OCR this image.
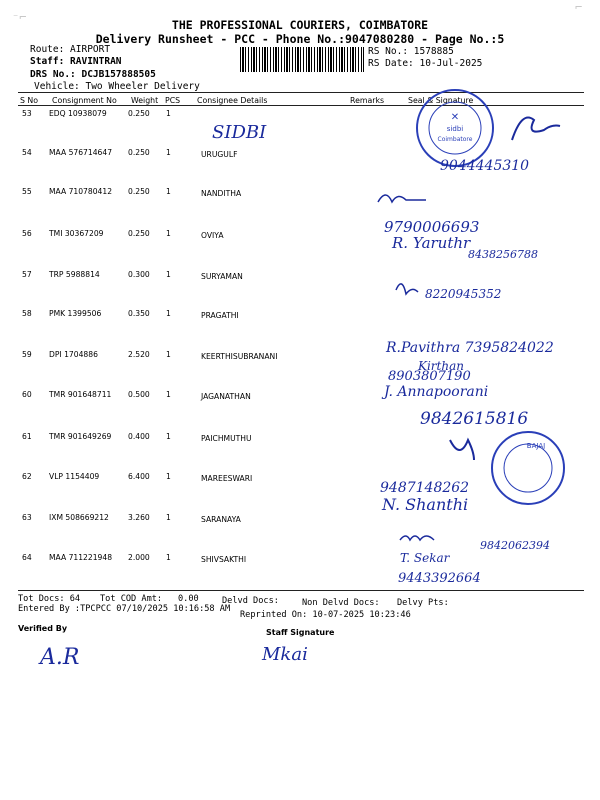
⁻⌐
⌐
THE PROFESSIONAL COURIERS, COIMBATORE
Delivery Runsheet - PCC - Phone No.:9047080280 - Page No.:5
Route: AIRPORT
Staff: RAVINTRAN
DRS No.: DCJB157888505
Vehicle: Two Wheeler Delivery
RS No.: 1578885
RS Date: 10-Jul-2025
S No Consignment No Weight PCS Consignee Details	Remarks	Seal & Signature
53 EDQ 10938079	0.250 1
54 MAA 576714647 0.250 1	URUGULF
55 MAA 710780412 0.250 1	NANDITHA
56 TMI 30367209	0.250 1	OVIYA
57 TRP 5988814	0.300 1	SURYAMAN
58 PMK 1399506	0.350 1	PRAGATHI
59 DPI 1704886	2.520 1	KEERTHISUBRANANI
60 TMR 901648711 0.500 1	JAGANATHAN
61 TMR 901649269 0.400 1	PAICHMUTHU
62 VLP 1154409	6.400 1	MAREESWARI
63 IXM 508669212	3.260 1	SARANAYA
64 MAA 711221948 2.000 1	SHIVSAKTHI
Tot Docs: 64 Tot COD Amt: 0.00	Delvd Docs:	Non Delvd Docs: Delvy Pts:
Entered By :TPCPCC 07/10/2025 10:16:58 AM
Reprinted On: 10-07-2025 10:23:46
Verified By	Staff Signature
✕
sidbi
Coimbatore
BAJAJ
SIDBI
9044445310
9790006693
R. Yaruthr
8438256788
8220945352
R.Pavithra 7395824022
Kirthan
8903807190
J. Annapoorani
9842615816
9487148262
N. Shanthi
9842062394
T. Sekar
9443392664
A.R	Mkai
